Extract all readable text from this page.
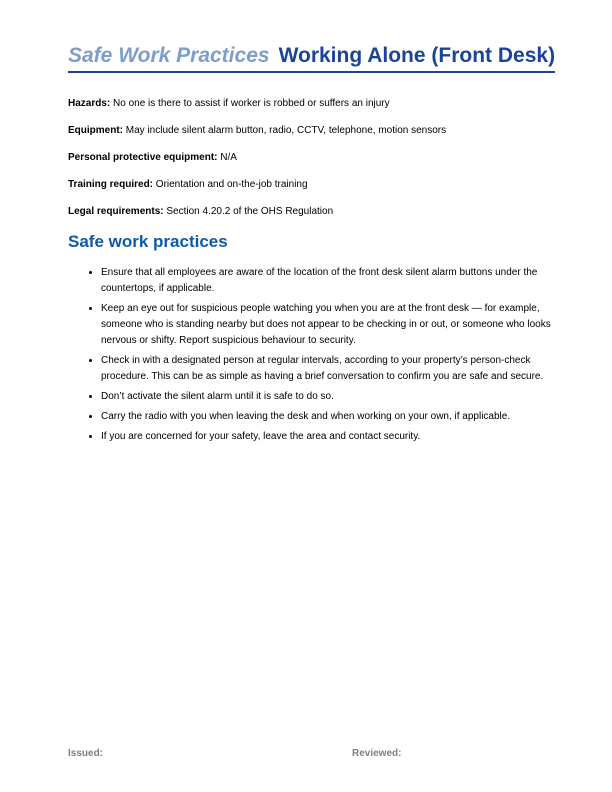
Safe Work Practices Working Alone (Front Desk)

Hazards: No one is there to assist if worker is robbed or suffers an injury

Equipment: May include silent alarm button, radio, CCTV, telephone, motion sensors

Personal protective equipment: N/A

Training required: Orientation and on-the-job training

Legal requirements: Section 4.20.2 of the OHS Regulation

Safe work practices
• Ensure that all employees are aware of the location of the front desk silent alarm buttons under the countertops, if applicable.
• Keep an eye out for suspicious people watching you when you are at the front desk — for example, someone who is standing nearby but does not appear to be checking in or out, or someone who looks nervous or shifty. Report suspicious behaviour to security.
• Check in with a designated person at regular intervals, according to your property’s person-check procedure. This can be as simple as having a brief conversation to confirm you are safe and secure.
• Don’t activate the silent alarm until it is safe to do so.
• Carry the radio with you when leaving the desk and when working on your own, if applicable.
• If you are concerned for your safety, leave the area and contact security.
Issued:	Reviewed:
